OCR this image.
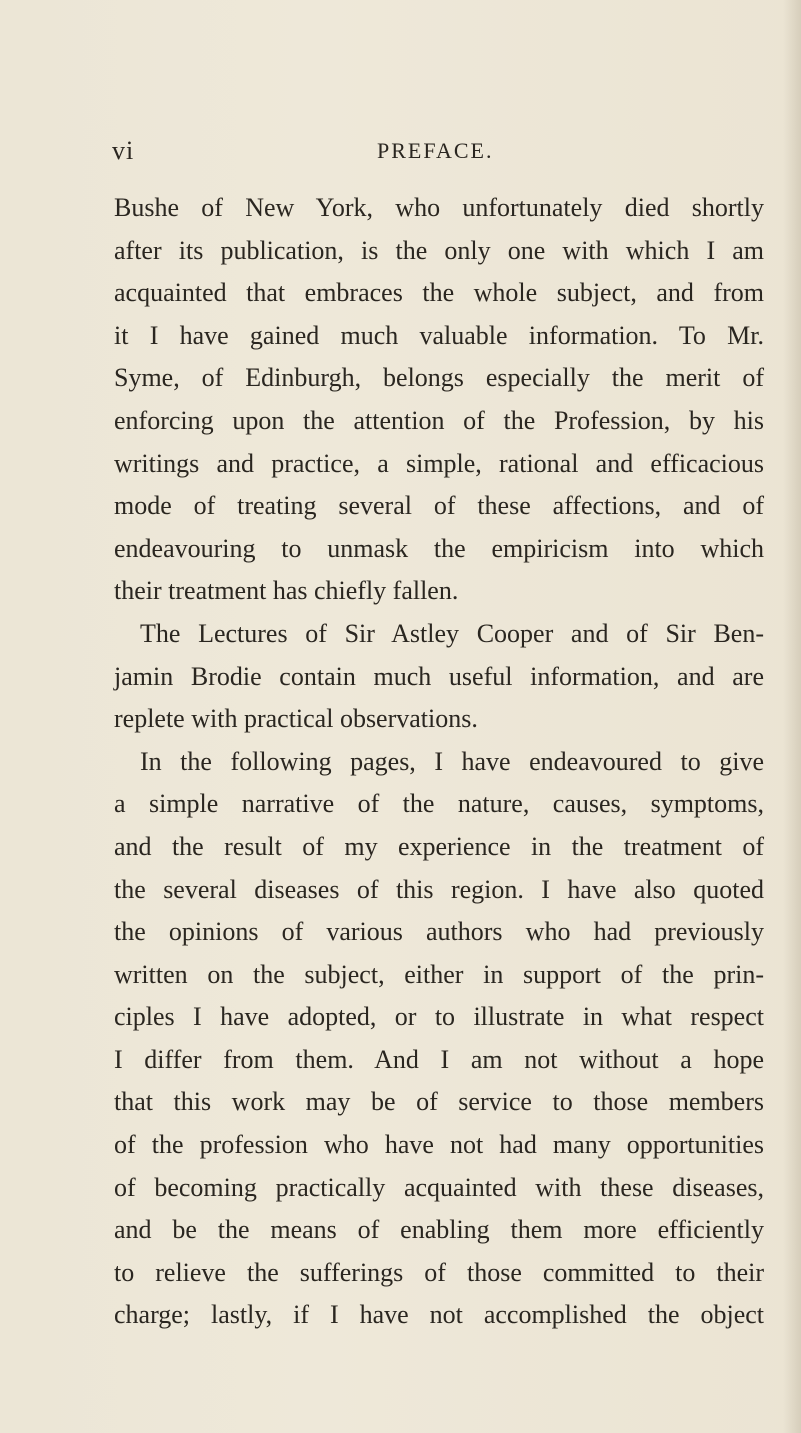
vi	PREFACE.
Bushe of New York, who unfortunately died shortly
after its publication, is the only one with which I am
acquainted that embraces the whole subject, and from
it I have gained much valuable information. To Mr.
Syme, of Edinburgh, belongs especially the merit of
enforcing upon the attention of the Profession, by his
writings and practice, a simple, rational and efficacious
mode of treating several of these affections, and of
endeavouring to unmask the empiricism into which
their treatment has chiefly fallen.
The Lectures of Sir Astley Cooper and of Sir Ben-
jamin Brodie contain much useful information, and are
replete with practical observations.
In the following pages, I have endeavoured to give
a simple narrative of the nature, causes, symptoms,
and the result of my experience in the treatment of
the several diseases of this region. I have also quoted
the opinions of various authors who had previously
written on the subject, either in support of the prin-
ciples I have adopted, or to illustrate in what respect
I differ from them. And I am not without a hope
that this work may be of service to those members
of the profession who have not had many opportunities
of becoming practically acquainted with these diseases,
and be the means of enabling them more efficiently
to relieve the sufferings of those committed to their
charge; lastly, if I have not accomplished the object
